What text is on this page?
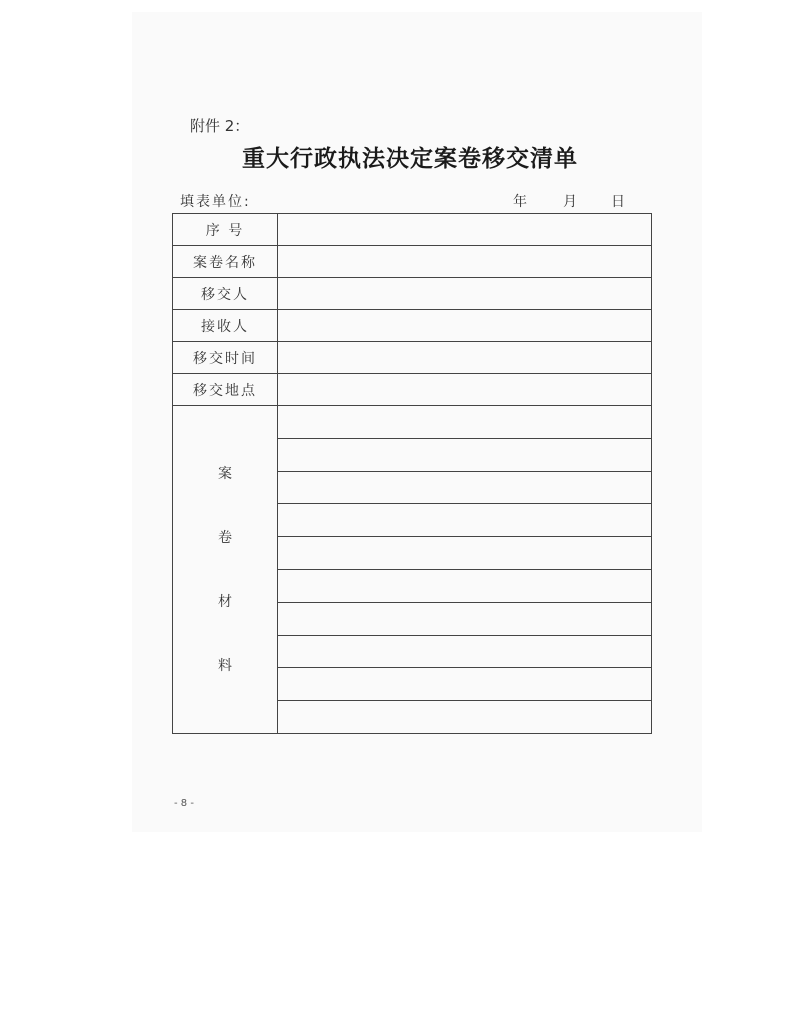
附件 2：
重大行政执法决定案卷移交清单
填表单位:	年	月 日
序 号	
案卷名称	
移交人	
接收人	
移交时间	
移交地点	

案
卷
材
料	

- 8 -
